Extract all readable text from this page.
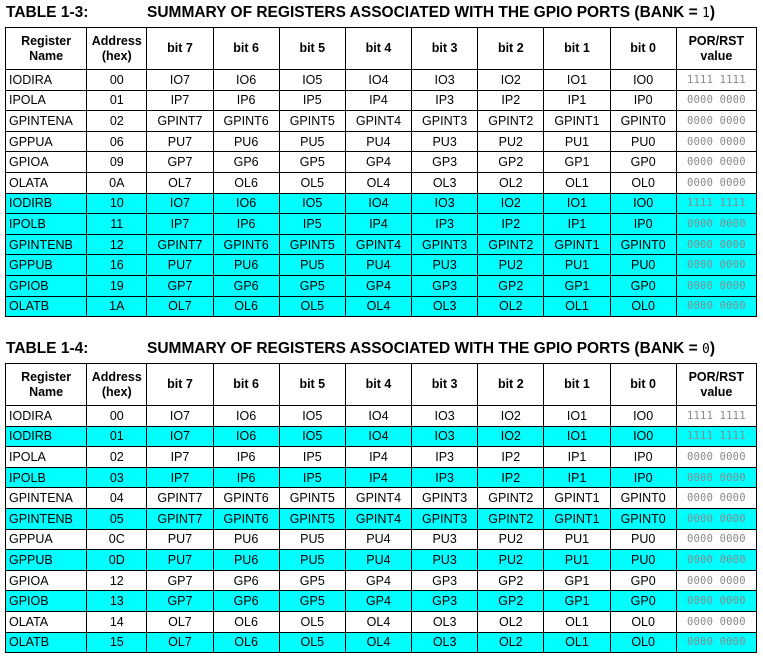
TABLE 1-3:	SUMMARY OF REGISTERS ASSOCIATED WITH THE GPIO PORTS (BANK = 1)
Register Name	Address (hex)	bit 7	bit 6	bit 5	bit 4	bit 3	bit 2	bit 1	bit 0	POR/RST value
IODIRA	00	IO7	IO6	IO5	IO4	IO3	IO2	IO1	IO0	1111 1111
IPOLA	01	IP7	IP6	IP5	IP4	IP3	IP2	IP1	IP0	0000 0000
GPINTENA	02	GPINT7	GPINT6	GPINT5	GPINT4	GPINT3	GPINT2	GPINT1	GPINT0	0000 0000
GPPUA	06	PU7	PU6	PU5	PU4	PU3	PU2	PU1	PU0	0000 0000
GPIOA	09	GP7	GP6	GP5	GP4	GP3	GP2	GP1	GP0	0000 0000
OLATA	0A	OL7	OL6	OL5	OL4	OL3	OL2	OL1	OL0	0000 0000
IODIRB	10	IO7	IO6	IO5	IO4	IO3	IO2	IO1	IO0	1111 1111
IPOLB	11	IP7	IP6	IP5	IP4	IP3	IP2	IP1	IP0	0000 0000
GPINTENB	12	GPINT7	GPINT6	GPINT5	GPINT4	GPINT3	GPINT2	GPINT1	GPINT0	0000 0000
GPPUB	16	PU7	PU6	PU5	PU4	PU3	PU2	PU1	PU0	0000 0000
GPIOB	19	GP7	GP6	GP5	GP4	GP3	GP2	GP1	GP0	0000 0000
OLATB	1A	OL7	OL6	OL5	OL4	OL3	OL2	OL1	OL0	0000 0000
TABLE 1-4:	SUMMARY OF REGISTERS ASSOCIATED WITH THE GPIO PORTS (BANK = 0)
Register Name	Address (hex)	bit 7	bit 6	bit 5	bit 4	bit 3	bit 2	bit 1	bit 0	POR/RST value
IODIRA	00	IO7	IO6	IO5	IO4	IO3	IO2	IO1	IO0	1111 1111
IODIRB	01	IO7	IO6	IO5	IO4	IO3	IO2	IO1	IO0	1111 1111
IPOLA	02	IP7	IP6	IP5	IP4	IP3	IP2	IP1	IP0	0000 0000
IPOLB	03	IP7	IP6	IP5	IP4	IP3	IP2	IP1	IP0	0000 0000
GPINTENA	04	GPINT7	GPINT6	GPINT5	GPINT4	GPINT3	GPINT2	GPINT1	GPINT0	0000 0000
GPINTENB	05	GPINT7	GPINT6	GPINT5	GPINT4	GPINT3	GPINT2	GPINT1	GPINT0	0000 0000
GPPUA	0C	PU7	PU6	PU5	PU4	PU3	PU2	PU1	PU0	0000 0000
GPPUB	0D	PU7	PU6	PU5	PU4	PU3	PU2	PU1	PU0	0000 0000
GPIOA	12	GP7	GP6	GP5	GP4	GP3	GP2	GP1	GP0	0000 0000
GPIOB	13	GP7	GP6	GP5	GP4	GP3	GP2	GP1	GP0	0000 0000
OLATA	14	OL7	OL6	OL5	OL4	OL3	OL2	OL1	OL0	0000 0000
OLATB	15	OL7	OL6	OL5	OL4	OL3	OL2	OL1	OL0	0000 0000
